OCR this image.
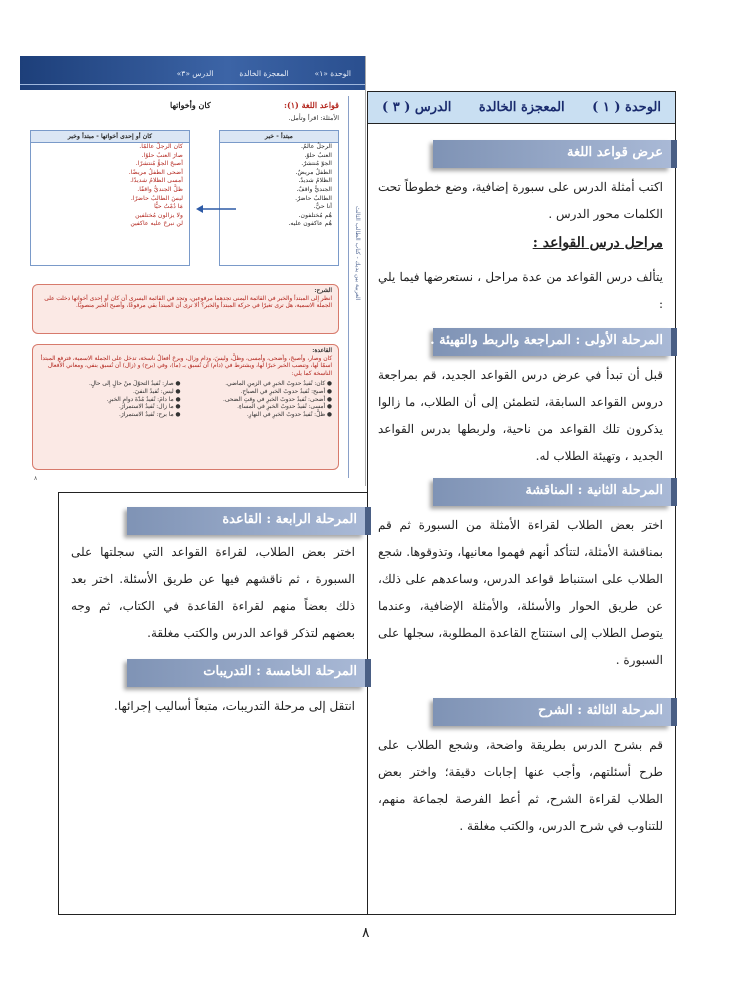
الوحدة «١»
المعجزة الخالدة
الدرس «٣»
العربية بين يديك - كتاب الطالب الثالث
قواعد اللغة (١):
كان وأخواتها
الأمثلة: اقرأ وتأمل.
مبتدأ - خبر
الرجلُ عالمٌ.
العنبُ حلوٌ.
الجوّ مُنتشرٌ.
الطفلُ مريضٌ.
الظلامُ شديدٌ.
الجنديُّ واقفٌ.
الطالبُ حاضرٌ.
أنا حيٌّ.
هُم مُختلفون.
هُم عاكفون عليه.
كان أو إحدى أخواتها - مبتدأ وخبر
كان الرجلُ عالمًا.
صارَ العنبُ حلوًا.
أصبحَ الجوُّ مُنتشرًا.
أضحى الطفلُ مريضًا.
أمسى الظلامُ شديدًا.
ظلَّ الجنديُّ واقفًا.
ليسَ الطالبُ حاضرًا.
مَا دُمْتُ حيًّا
ولا يزالون مُختلفين
لن نبرحَ عليه عاكفين
الشرح:
انظر إلى المبتدأ والخبر في القائمة اليمنى تجدهما مرفوعين، وتجد في القائمة اليسرى أن كان أو إحدى أخواتها دخلت على الجملة الاسمية، هل ترى تغيرًا في حركة المبتدأ والخبر؟ ألا ترى أن المبتدأ بقي مرفوعًا، وأصبح الخبر منصوبًا.
القاعدة:
كان وصار، وأصبحَ، وأضحى، وأمسى، وظلَّ، وليسَ، ودام وزال، وبرحَ أفعالٌ ناسخة، تدخل على الجملة الاسمية، فترفع المبتدأ اسمًا لها، وتنصب الخبر خبرًا لها، ويشترط في (دام) أن تُسبق بـ (ما)، وفي (برح) و (زال) أن تُسبق بنفي، ومعاني الأفعال الناسخة كما يلي:
● كان: تُفيدُ حدوثَ الخبرِ في الزمنِ الماضي.
● أصبح: تُفيدُ حدوثَ الخبرِ في الصباحِ.
● أضحى: تُفيدُ حدوثَ الخبرِ في وقتِ الضحى.
● أمسى: تُفيدُ حدوثَ الخبرِ في المساءِ.
● ظلَّ: تُفيدُ حدوثَ الخبرِ في النهارِ.
● صار: تُفيدُ التحوّلَ منْ حالٍ إلى حالٍ.
● ليس: تُفيدُ النفيَ.
● ما دامَ: تُفيدُ مُدّةَ دوامِ الخبرِ.
● ما زال: تُفيدُ الاستمرارَ.
● ما برح: تُفيدُ الاستمرارَ.
٨
الوحدة ( ١ )
المعجزة الخالدة
الدرس ( ٣ )
عرض قواعد اللغة
اكتب أمثلة الدرس على سبورة إضافية، وضع خطوطاً تحت الكلمات محور الدرس .
مراحل درس القواعد :
يتألف درس القواعد من عدة مراحل ، نستعرضها فيما يلي :
المرحلة الأولى : المراجعة والربط والتهيئة .
قبل أن تبدأ في عرض درس القواعد الجديد، قم بمراجعة دروس القواعد السابقة، لتطمئن إلى أن الطلاب، ما زالوا يذكرون تلك القواعد من ناحية، ولربطها بدرس القواعد الجديد ، وتهيئة الطلاب له.
المرحلة الثانية : المناقشة
اختر بعض الطلاب لقراءة الأمثلة من السبورة ثم قم بمناقشة الأمثلة، لتتأكد أنهم فهموا معانيها، وتذوقوها. شجع الطلاب على استنباط قواعد الدرس، وساعدهم على ذلك، عن طريق الحوار والأسئلة، والأمثلة الإضافية، وعندما يتوصل الطلاب إلى استنتاج القاعدة المطلوبة، سجلها على السبورة .
المرحلة الثالثة : الشرح
قم بشرح الدرس بطريقة واضحة، وشجع الطلاب على طرح أسئلتهم، وأجب عنها إجابات دقيقة؛ واختر بعض الطلاب لقراءة الشرح، ثم أعط الفرصة لجماعة منهم، للتناوب في شرح الدرس، والكتب مغلقة .
المرحلة الرابعة : القاعدة
اختر بعض الطلاب، لقراءة القواعد التي سجلتها على السبورة ، ثم ناقشهم فيها عن طريق الأسئلة. اختر بعد ذلك بعضاً منهم لقراءة القاعدة في الكتاب، ثم وجه بعضهم لتذكر قواعد الدرس والكتب مغلقة.
المرحلة الخامسة : التدريبات
انتقل إلى مرحلة التدريبات، متبعاً أساليب إجرائها.
٨
